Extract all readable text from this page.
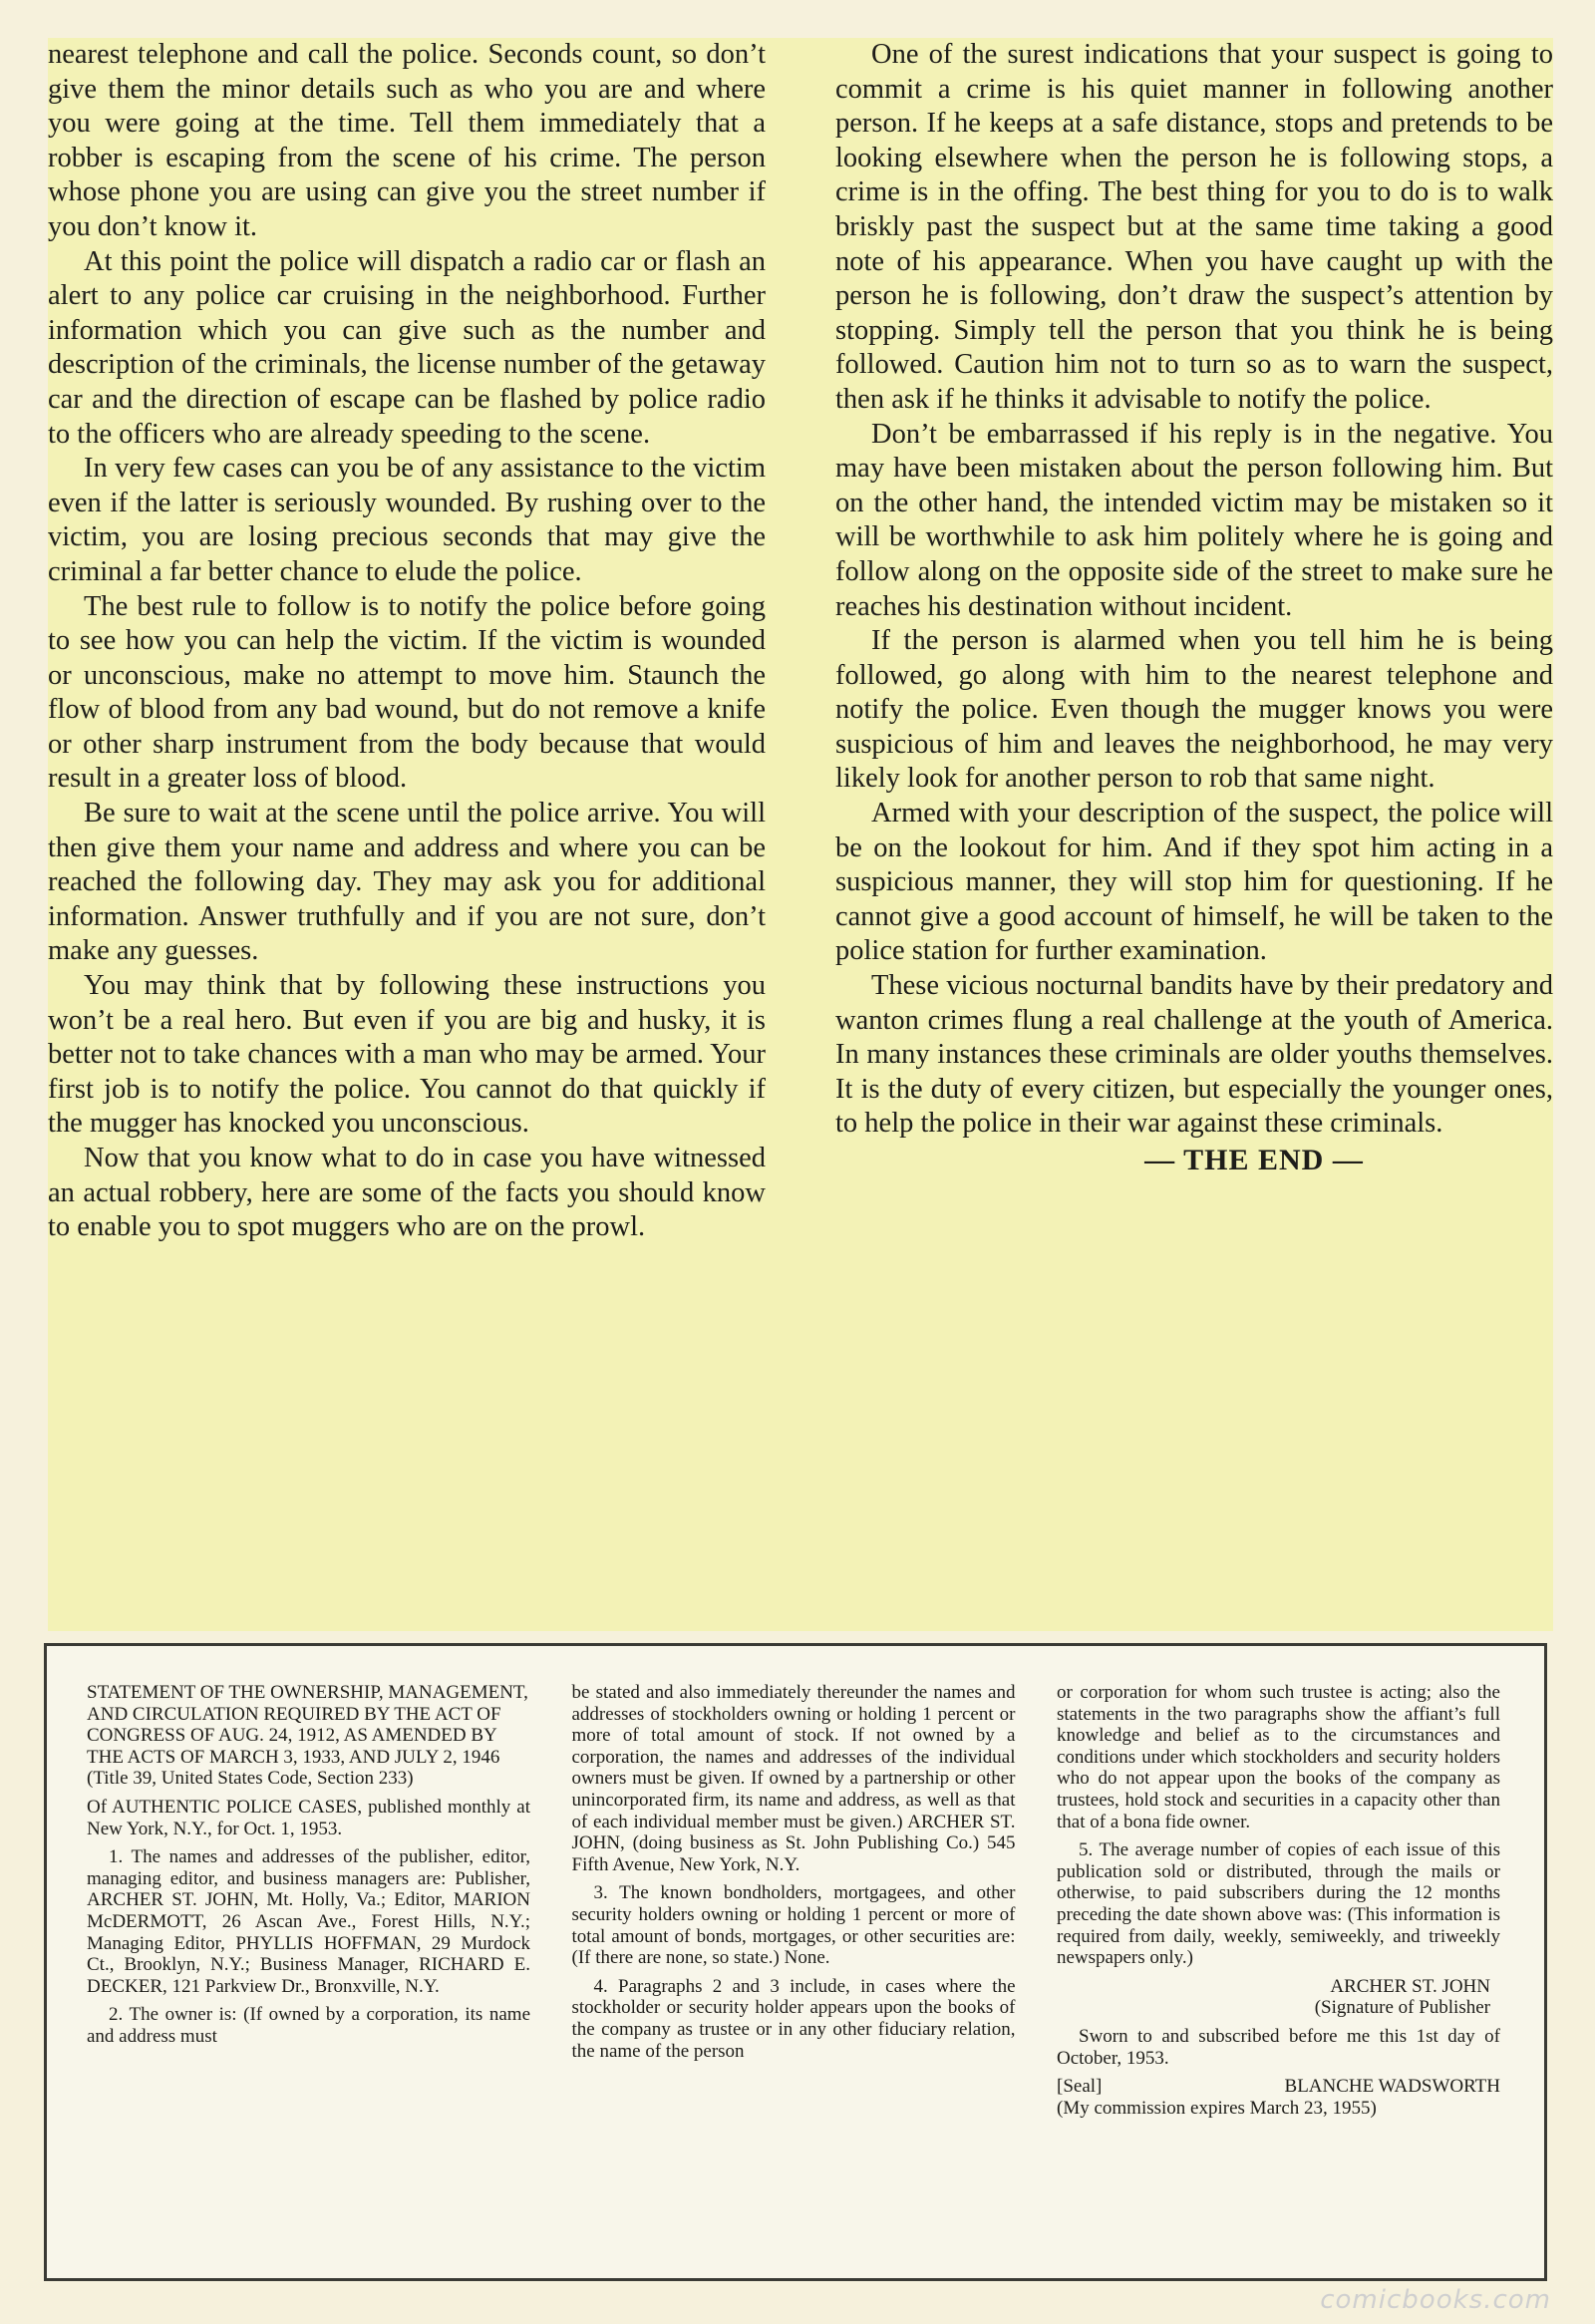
nearest telephone and call the police. Seconds count, so don’t give them the minor details such as who you are and where you were going at the time. Tell them immediately that a robber is escaping from the scene of his crime. The person whose phone you are using can give you the street number if you don’t know it.

At this point the police will dispatch a radio car or flash an alert to any police car cruising in the neighborhood. Further information which you can give such as the number and description of the criminals, the license number of the getaway car and the direction of escape can be flashed by police radio to the officers who are already speeding to the scene.

In very few cases can you be of any assistance to the victim even if the latter is seriously wounded. By rushing over to the victim, you are losing precious seconds that may give the criminal a far better chance to elude the police.

The best rule to follow is to notify the police before going to see how you can help the victim. If the victim is wounded or unconscious, make no attempt to move him. Staunch the flow of blood from any bad wound, but do not remove a knife or other sharp instrument from the body because that would result in a greater loss of blood.

Be sure to wait at the scene until the police arrive. You will then give them your name and address and where you can be reached the following day. They may ask you for additional information. Answer truthfully and if you are not sure, don’t make any guesses.

You may think that by following these instructions you won’t be a real hero. But even if you are big and husky, it is better not to take chances with a man who may be armed. Your first job is to notify the police. You cannot do that quickly if the mugger has knocked you unconscious.

Now that you know what to do in case you have witnessed an actual robbery, here are some of the facts you should know to enable you to spot muggers who are on the prowl.

One of the surest indications that your suspect is going to commit a crime is his quiet manner in following another person. If he keeps at a safe distance, stops and pretends to be looking elsewhere when the person he is following stops, a crime is in the offing. The best thing for you to do is to walk briskly past the suspect but at the same time taking a good note of his appearance. When you have caught up with the person he is following, don’t draw the suspect’s attention by stopping. Simply tell the person that you think he is being followed. Caution him not to turn so as to warn the suspect, then ask if he thinks it advisable to notify the police.

Don’t be embarrassed if his reply is in the negative. You may have been mistaken about the person following him. But on the other hand, the intended victim may be mistaken so it will be worthwhile to ask him politely where he is going and follow along on the opposite side of the street to make sure he reaches his destination without incident.

If the person is alarmed when you tell him he is being followed, go along with him to the nearest telephone and notify the police. Even though the mugger knows you were suspicious of him and leaves the neighborhood, he may very likely look for another person to rob that same night.

Armed with your description of the suspect, the police will be on the lookout for him. And if they spot him acting in a suspicious manner, they will stop him for questioning. If he cannot give a good account of himself, he will be taken to the police station for further examination.

These vicious nocturnal bandits have by their predatory and wanton crimes flung a real challenge at the youth of America. In many instances these criminals are older youths themselves. It is the duty of every citizen, but especially the younger ones, to help the police in their war against these criminals.

— THE END —

STATEMENT OF THE OWNERSHIP, MANAGEMENT, AND CIRCULATION REQUIRED BY THE ACT OF CONGRESS OF AUG. 24, 1912, AS AMENDED BY THE ACTS OF MARCH 3, 1933, AND JULY 2, 1946 (Title 39, United States Code, Section 233)

Of AUTHENTIC POLICE CASES, published monthly at New York, N.Y., for Oct. 1, 1953.

1. The names and addresses of the publisher, editor, managing editor, and business managers are: Publisher, ARCHER ST. JOHN, Mt. Holly, Va.; Editor, MARION McDERMOTT, 26 Ascan Ave., Forest Hills, N.Y.; Managing Editor, PHYLLIS HOFFMAN, 29 Murdock Ct., Brooklyn, N.Y.; Business Manager, RICHARD E. DECKER, 121 Parkview Dr., Bronxville, N.Y.

2. The owner is: (If owned by a corporation, its name and address must

be stated and also immediately thereunder the names and addresses of stockholders owning or holding 1 percent or more of total amount of stock. If not owned by a corporation, the names and addresses of the individual owners must be given. If owned by a partnership or other unincorporated firm, its name and address, as well as that of each individual member must be given.) ARCHER ST. JOHN, (doing business as St. John Publishing Co.) 545 Fifth Avenue, New York, N.Y.

3. The known bondholders, mortgagees, and other security holders owning or holding 1 percent or more of total amount of bonds, mortgages, or other securities are: (If there are none, so state.) None.

4. Paragraphs 2 and 3 include, in cases where the stockholder or security holder appears upon the books of the company as trustee or in any other fiduciary relation, the name of the person

or corporation for whom such trustee is acting; also the statements in the two paragraphs show the affiant’s full knowledge and belief as to the circumstances and conditions under which stockholders and security holders who do not appear upon the books of the company as trustees, hold stock and securities in a capacity other than that of a bona fide owner.

5. The average number of copies of each issue of this publication sold or distributed, through the mails or otherwise, to paid subscribers during the 12 months preceding the date shown above was: (This information is required from daily, weekly, semiweekly, and triweekly newspapers only.)

ARCHER ST. JOHN

(Signature of Publisher

Sworn to and subscribed before me this 1st day of October, 1953.

[Seal]	BLANCHE WADSWORTH

(My commission expires March 23, 1955)

comicbooks.com
